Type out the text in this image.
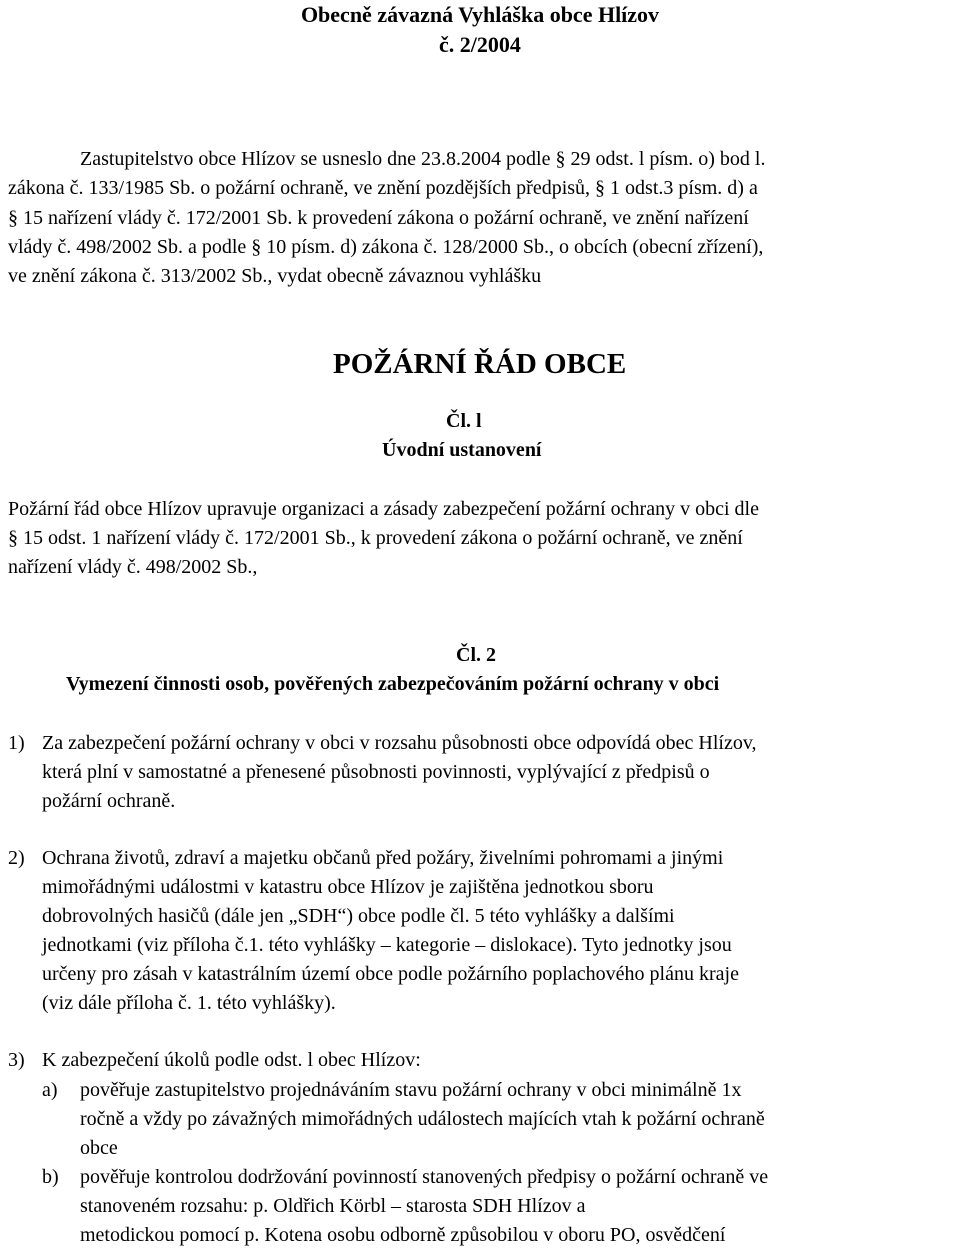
Obecně závazná Vyhláška obce Hlízov
č. 2/2004
Zastupitelstvo obce Hlízov se usneslo dne 23.8.2004 podle § 29 odst. l písm. o) bod l.
zákona č. 133/1985 Sb. o požární ochraně, ve znění pozdějších předpisů, § 1 odst.3 písm. d) a
§ 15 nařízení vlády č. 172/2001 Sb. k provedení zákona o požární ochraně, ve znění nařízení
vlády č. 498/2002 Sb. a podle § 10 písm. d) zákona č. 128/2000 Sb., o obcích (obecní zřízení),
ve znění zákona č. 313/2002 Sb., vydat obecně závaznou vyhlášku
POŽÁRNÍ ŘÁD OBCE
Čl. l
Úvodní ustanovení
Požární řád obce Hlízov upravuje organizaci a zásady zabezpečení požární ochrany v obci dle
§ 15 odst. 1 nařízení vlády č. 172/2001 Sb., k provedení zákona o požární ochraně, ve znění
nařízení vlády č. 498/2002 Sb.,
Čl. 2
Vymezení činnosti osob, pověřených zabezpečováním požární ochrany v obci
1) Za zabezpečení požární ochrany v obci v rozsahu působnosti obce odpovídá obec Hlízov,
která plní v samostatné a přenesené působnosti povinnosti, vyplývající z předpisů o
požární ochraně.
2) Ochrana životů, zdraví a majetku občanů před požáry, živelními pohromami a jinými
mimořádnými událostmi v katastru obce Hlízov je zajištěna jednotkou sboru
dobrovolných hasičů (dále jen „SDH“) obce podle čl. 5 této vyhlášky a dalšími
jednotkami (viz příloha č.1. této vyhlášky – kategorie – dislokace). Tyto jednotky jsou
určeny pro zásah v katastrálním území obce podle požárního poplachového plánu kraje
(viz dále příloha č. 1. této vyhlášky).
3) K zabezpečení úkolů podle odst. l obec Hlízov:
a) pověřuje zastupitelstvo projednáváním stavu požární ochrany v obci minimálně 1x
ročně a vždy po závažných mimořádných událostech majících vtah k požární ochraně
obce
b) pověřuje kontrolou dodržování povinností stanovených předpisy o požární ochraně ve
stanoveném rozsahu: p. Oldřich Körbl – starosta SDH Hlízov a
metodickou pomocí p. Kotena osobu odborně způsobilou v oboru PO, osvědčení
